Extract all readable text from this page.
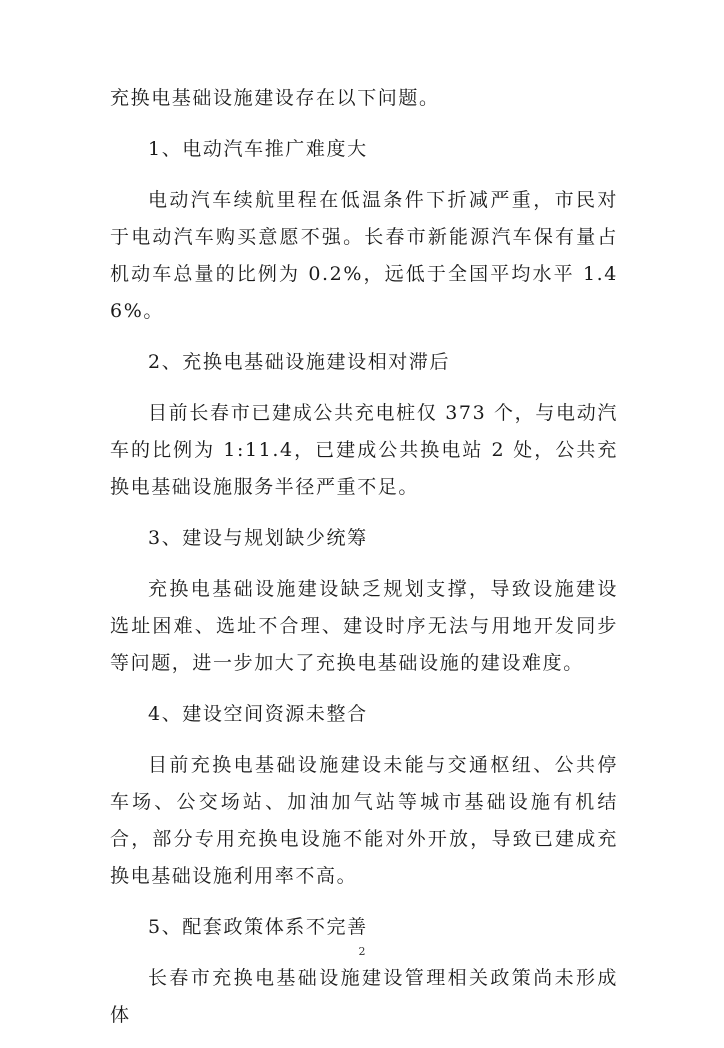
充换电基础设施建设存在以下问题。

1、电动汽车推广难度大

电动汽车续航里程在低温条件下折减严重，市民对于电动汽车购买意愿不强。长春市新能源汽车保有量占机动车总量的比例为 0.2%，远低于全国平均水平 1.46%。

2、充换电基础设施建设相对滞后

目前长春市已建成公共充电桩仅 373 个，与电动汽车的比例为 1:11.4，已建成公共换电站 2 处，公共充换电基础设施服务半径严重不足。

3、建设与规划缺少统筹

充换电基础设施建设缺乏规划支撑，导致设施建设选址困难、选址不合理、建设时序无法与用地开发同步等问题，进一步加大了充换电基础设施的建设难度。

4、建设空间资源未整合

目前充换电基础设施建设未能与交通枢纽、公共停车场、公交场站、加油加气站等城市基础设施有机结合，部分专用充换电设施不能对外开放，导致已建成充换电基础设施利用率不高。

5、配套政策体系不完善

长春市充换电基础设施建设管理相关政策尚未形成体

2
